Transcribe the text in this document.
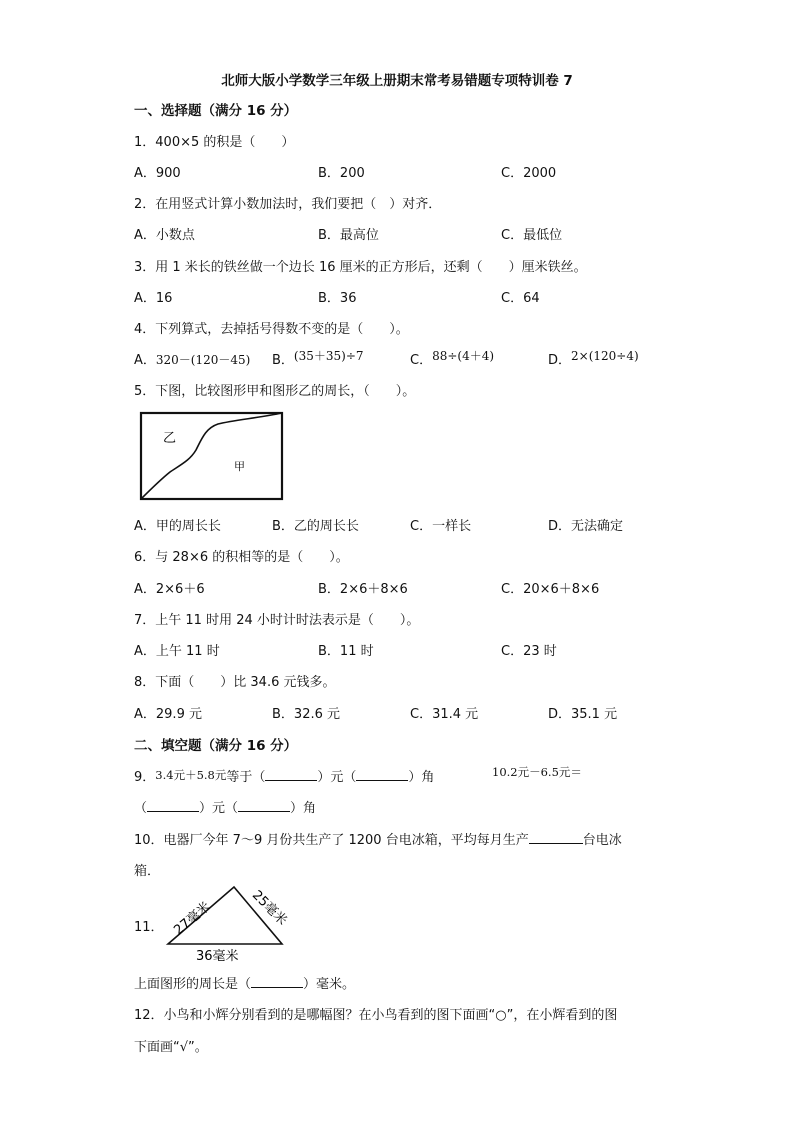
北师大版小学数学三年级上册期末常考易错题专项特训卷 7
一、选择题（满分 16 分）
1．400×5 的积是（　　）
A．900	B．200	C．2000
2．在用竖式计算小数加法时，我们要把（　）对齐．
A．小数点	B．最高位	C．最低位
3．用 1 米长的铁丝做一个边长 16 厘米的正方形后，还剩（　　）厘米铁丝。
A．16	B．36	C．64
4．下列算式，去掉括号得数不变的是（　　）。
A．320－(120－45) B．(35＋35)÷7	C．88÷(4＋4)	D．2×(120÷4)
5．下图，比较图形甲和图形乙的周长，（　　）。
乙
甲
A．甲的周长长	B．乙的周长长	C．一样长	D．无法确定
6．与 28×6 的积相等的是（　　）。
A．2×6＋6	B．2×6＋8×6	C．20×6＋8×6
7．上午 11 时用 24 小时计时法表示是（　　）。
A．上午 11 时	B．11 时	C．23 时
8．下面（　　）比 34.6 元钱多。
A．29.9 元	B．32.6 元	C．31.4 元	D．35.1 元
二、填空题（满分 16 分）
9．3.4元＋5.8元等于（	）元（	）角	10.2元－6.5元＝
（	）元（	）角
10．电器厂今年 7～9 月份共生产了 1200 台电冰箱，平均每月生产	台电冰
箱．
11． 27毫米	25毫米
36毫米
上面图形的周长是（	）毫米。
12．小鸟和小辉分别看到的是哪幅图？在小鸟看到的图下面画“○”，在小辉看到的图
下面画“√”。
